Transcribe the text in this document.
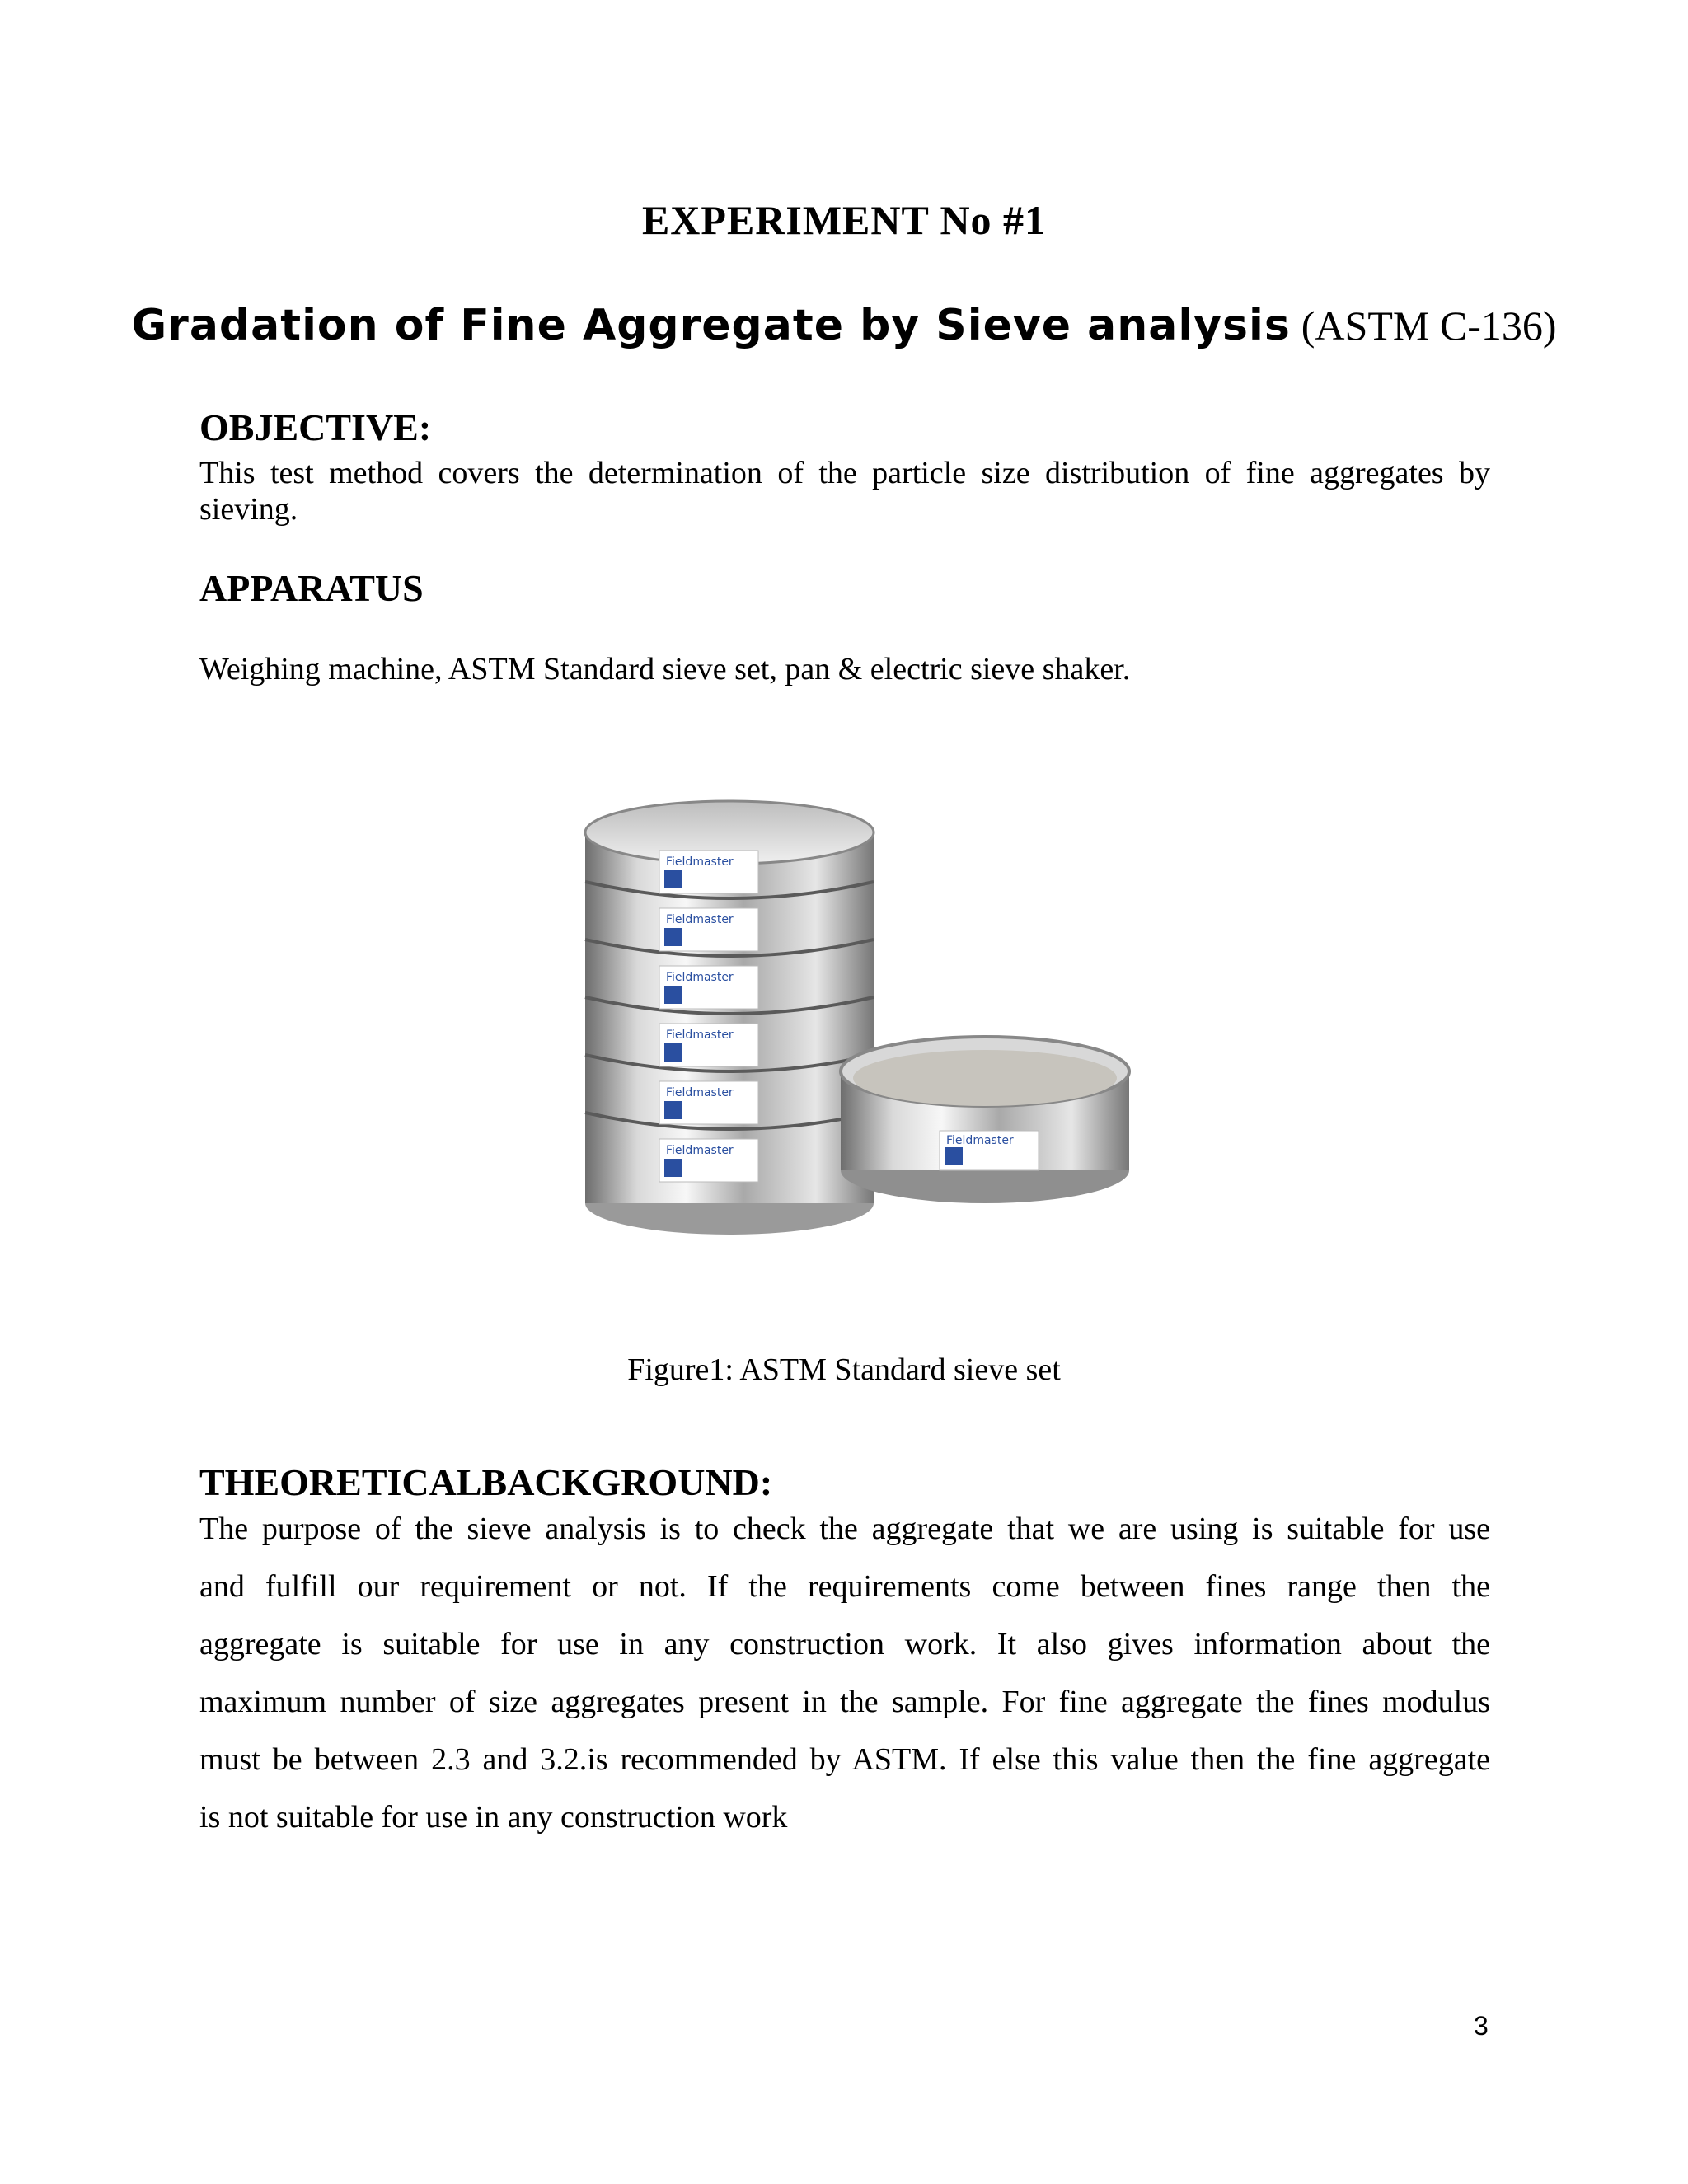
EXPERIMENT No #1
Gradation of Fine Aggregate by Sieve analysis (ASTM C-136)
OBJECTIVE:
This test method covers the determination of the particle size distribution of fine aggregates by
sieving.
APPARATUS
Weighing machine, ASTM Standard sieve set, pan & electric sieve shaker.
Fieldmaster
Fieldmaster
Fieldmaster
Fieldmaster
Fieldmaster
Fieldmaster
Fieldmaster
Figure1: ASTM Standard sieve set
THEORETICALBACKGROUND:
The purpose of the sieve analysis is to check the aggregate that we are using is suitable for use
and fulfill our requirement or not. If the requirements come between fines range then the
aggregate is suitable for use in any construction work. It also gives information about the
maximum number of size aggregates present in the sample. For fine aggregate the fines modulus
must be between 2.3 and 3.2.is recommended by ASTM. If else this value then the fine aggregate
is not suitable for use in any construction work
3
